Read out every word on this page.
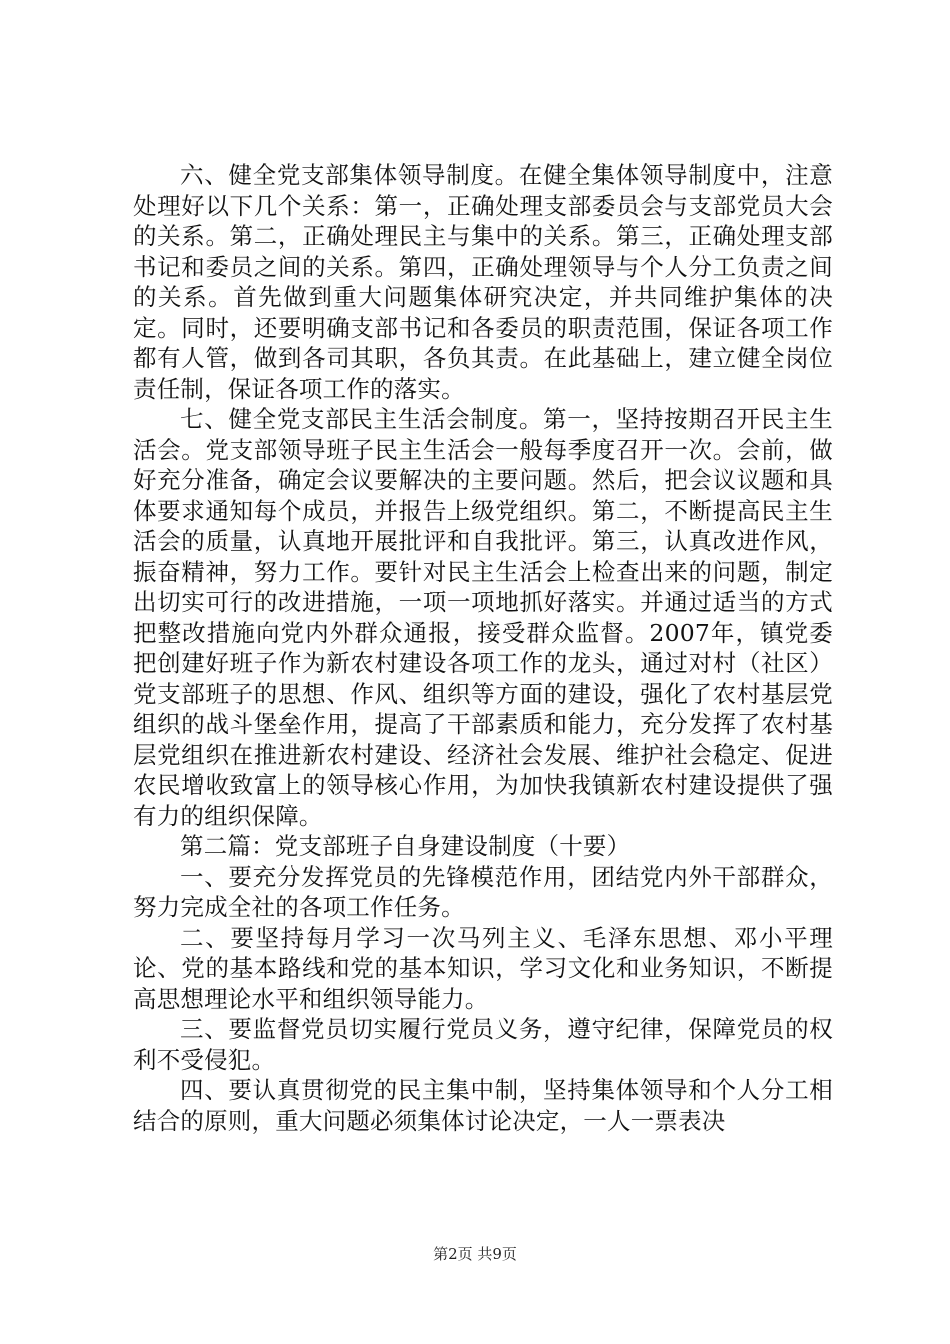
六、健全党支部集体领导制度。在健全集体领导制度中，注意处理好以下几个关系：第一，正确处理支部委员会与支部党员大会的关系。第二，正确处理民主与集中的关系。第三，正确处理支部书记和委员之间的关系。第四，正确处理领导与个人分工负责之间的关系。首先做到重大问题集体研究决定，并共同维护集体的决定。同时，还要明确支部书记和各委员的职责范围，保证各项工作都有人管，做到各司其职，各负其责。在此基础上，建立健全岗位责任制，保证各项工作的落实。

七、健全党支部民主生活会制度。第一，坚持按期召开民主生活会。党支部领导班子民主生活会一般每季度召开一次。会前，做好充分准备，确定会议要解决的主要问题。然后，把会议议题和具体要求通知每个成员，并报告上级党组织。第二，不断提高民主生活会的质量，认真地开展批评和自我批评。第三，认真改进作风，振奋精神，努力工作。要针对民主生活会上检查出来的问题，制定出切实可行的改进措施，一项一项地抓好落实。并通过适当的方式把整改措施向党内外群众通报，接受群众监督。2007年，镇党委把创建好班子作为新农村建设各项工作的龙头，通过对村（社区）党支部班子的思想、作风、组织等方面的建设，强化了农村基层党组织的战斗堡垒作用，提高了干部素质和能力，充分发挥了农村基层党组织在推进新农村建设、经济社会发展、维护社会稳定、促进农民增收致富上的领导核心作用，为加快我镇新农村建设提供了强有力的组织保障。

第二篇：党支部班子自身建设制度（十要）

一、要充分发挥党员的先锋模范作用，团结党内外干部群众，努力完成全社的各项工作任务。

二、要坚持每月学习一次马列主义、毛泽东思想、邓小平理论、党的基本路线和党的基本知识，学习文化和业务知识，不断提高思想理论水平和组织领导能力。

三、要监督党员切实履行党员义务，遵守纪律，保障党员的权利不受侵犯。

四、要认真贯彻党的民主集中制，坚持集体领导和个人分工相结合的原则，重大问题必须集体讨论决定，一人一票表决

第2页 共9页
